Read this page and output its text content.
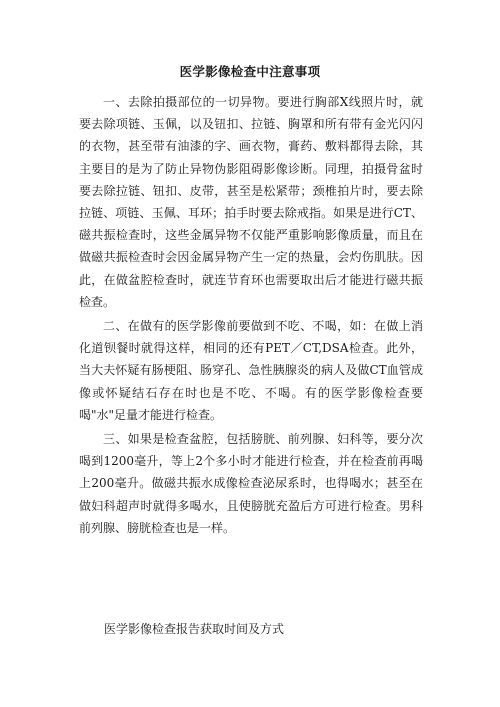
医学影像检查中注意事项

一、去除拍摄部位的一切异物。要进行胸部X线照片时，就要去除项链、玉佩，以及钮扣、拉链、胸罩和所有带有金光闪闪的衣物，甚至带有油漆的字、画衣物，膏药、敷料都得去除，其主要目的是为了防止异物伪影阻碍影像诊断。同理，拍摄骨盆时要去除拉链、钮扣、皮带，甚至是松紧带；颈椎拍片时，要去除拉链、项链、玉佩、耳环；拍手时要去除戒指。如果是进行CT、磁共振检查时，这些金属异物不仅能严重影响影像质量，而且在做磁共振检查时会因金属异物产生一定的热量，会灼伤肌肤。因此，在做盆腔检查时，就连节育环也需要取出后才能进行磁共振检查。

二、在做有的医学影像前要做到不吃、不喝，如：在做上消化道钡餐时就得这样，相同的还有PET／CT,DSA检查。此外，当大夫怀疑有肠梗阻、肠穿孔、急性胰腺炎的病人及做CT血管成像或怀疑结石存在时也是不吃、不喝。有的医学影像检查要喝"水"足量才能进行检查。

三、如果是检查盆腔，包括膀胱、前列腺、妇科等，要分次喝到1200毫升，等上2个多小时才能进行检查，并在检查前再喝上200毫升。做磁共振水成像检查泌尿系时，也得喝水；甚至在做妇科超声时就得多喝水，且使膀胱充盈后方可进行检查。男科前列腺、膀胱检查也是一样。

医学影像检查报告获取时间及方式
